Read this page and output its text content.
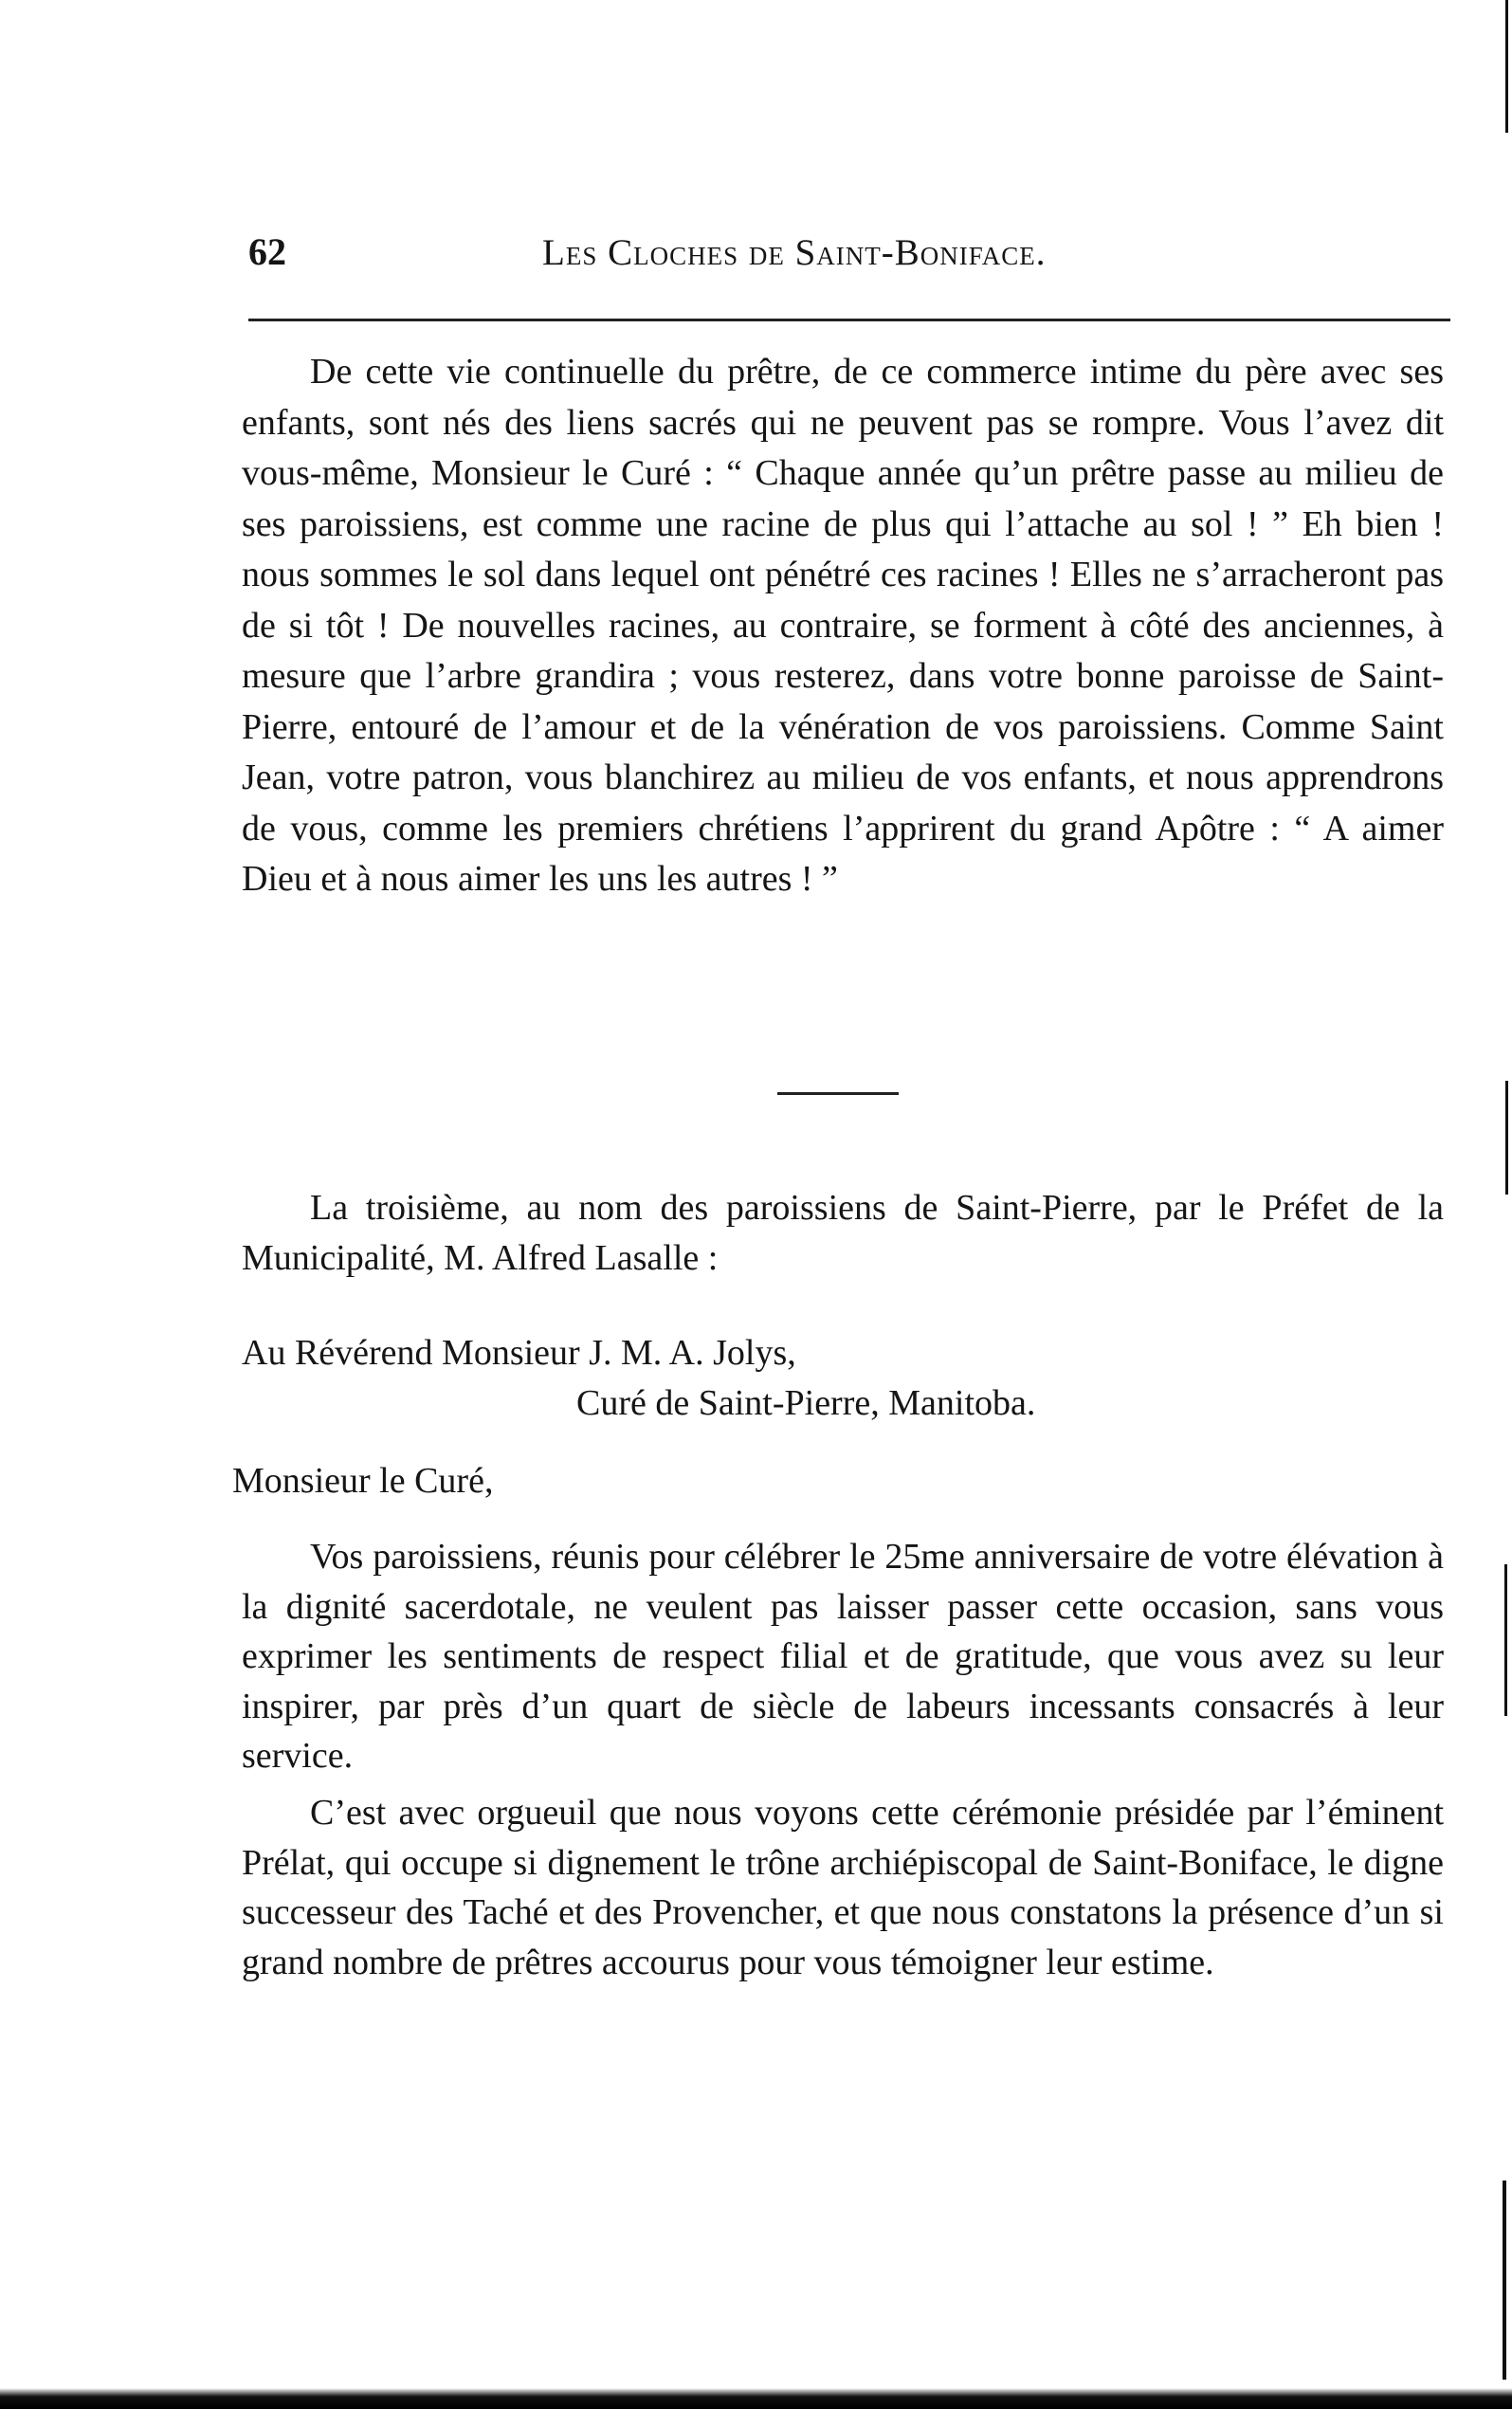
62	Les Cloches de Saint-Boniface.

De cette vie continuelle du prêtre, de ce commerce intime du père avec ses enfants, sont nés des liens sacrés qui ne peuvent pas se rompre. Vous l’avez dit vous-même, Monsieur le Curé : “ Chaque année qu’un prêtre passe au milieu de ses paroissiens, est comme une racine de plus qui l’attache au sol ! ” Eh bien ! nous sommes le sol dans lequel ont pénétré ces racines ! Elles ne s’arracheront pas de si tôt ! De nouvelles racines, au contraire, se forment à côté des anciennes, à mesure que l’arbre grandira ; vous resterez, dans votre bonne paroisse de Saint-Pierre, entouré de l’amour et de la vénération de vos paroissiens. Comme Saint Jean, votre patron, vous blanchirez au milieu de vos enfants, et nous apprendrons de vous, comme les premiers chrétiens l’apprirent du grand Apôtre : “ A aimer Dieu et à nous aimer les uns les autres ! ”

La troisième, au nom des paroissiens de Saint-Pierre, par le Préfet de la Municipalité, M. Alfred Lasalle :

Au Révérend Monsieur J. M. A. Jolys,
Curé de Saint-Pierre, Manitoba.
Monsieur le Curé,

Vos paroissiens, réunis pour célébrer le 25me anniversaire de votre élévation à la dignité sacerdotale, ne veulent pas laisser passer cette occasion, sans vous exprimer les sentiments de respect filial et de gratitude, que vous avez su leur inspirer, par près d’un quart de siècle de labeurs incessants consacrés à leur service.

C’est avec orgueuil que nous voyons cette cérémonie présidée par l’éminent Prélat, qui occupe si dignement le trône archiépiscopal de Saint-Boniface, le digne successeur des Taché et des Provencher, et que nous constatons la présence d’un si grand nombre de prêtres accourus pour vous témoigner leur estime.
